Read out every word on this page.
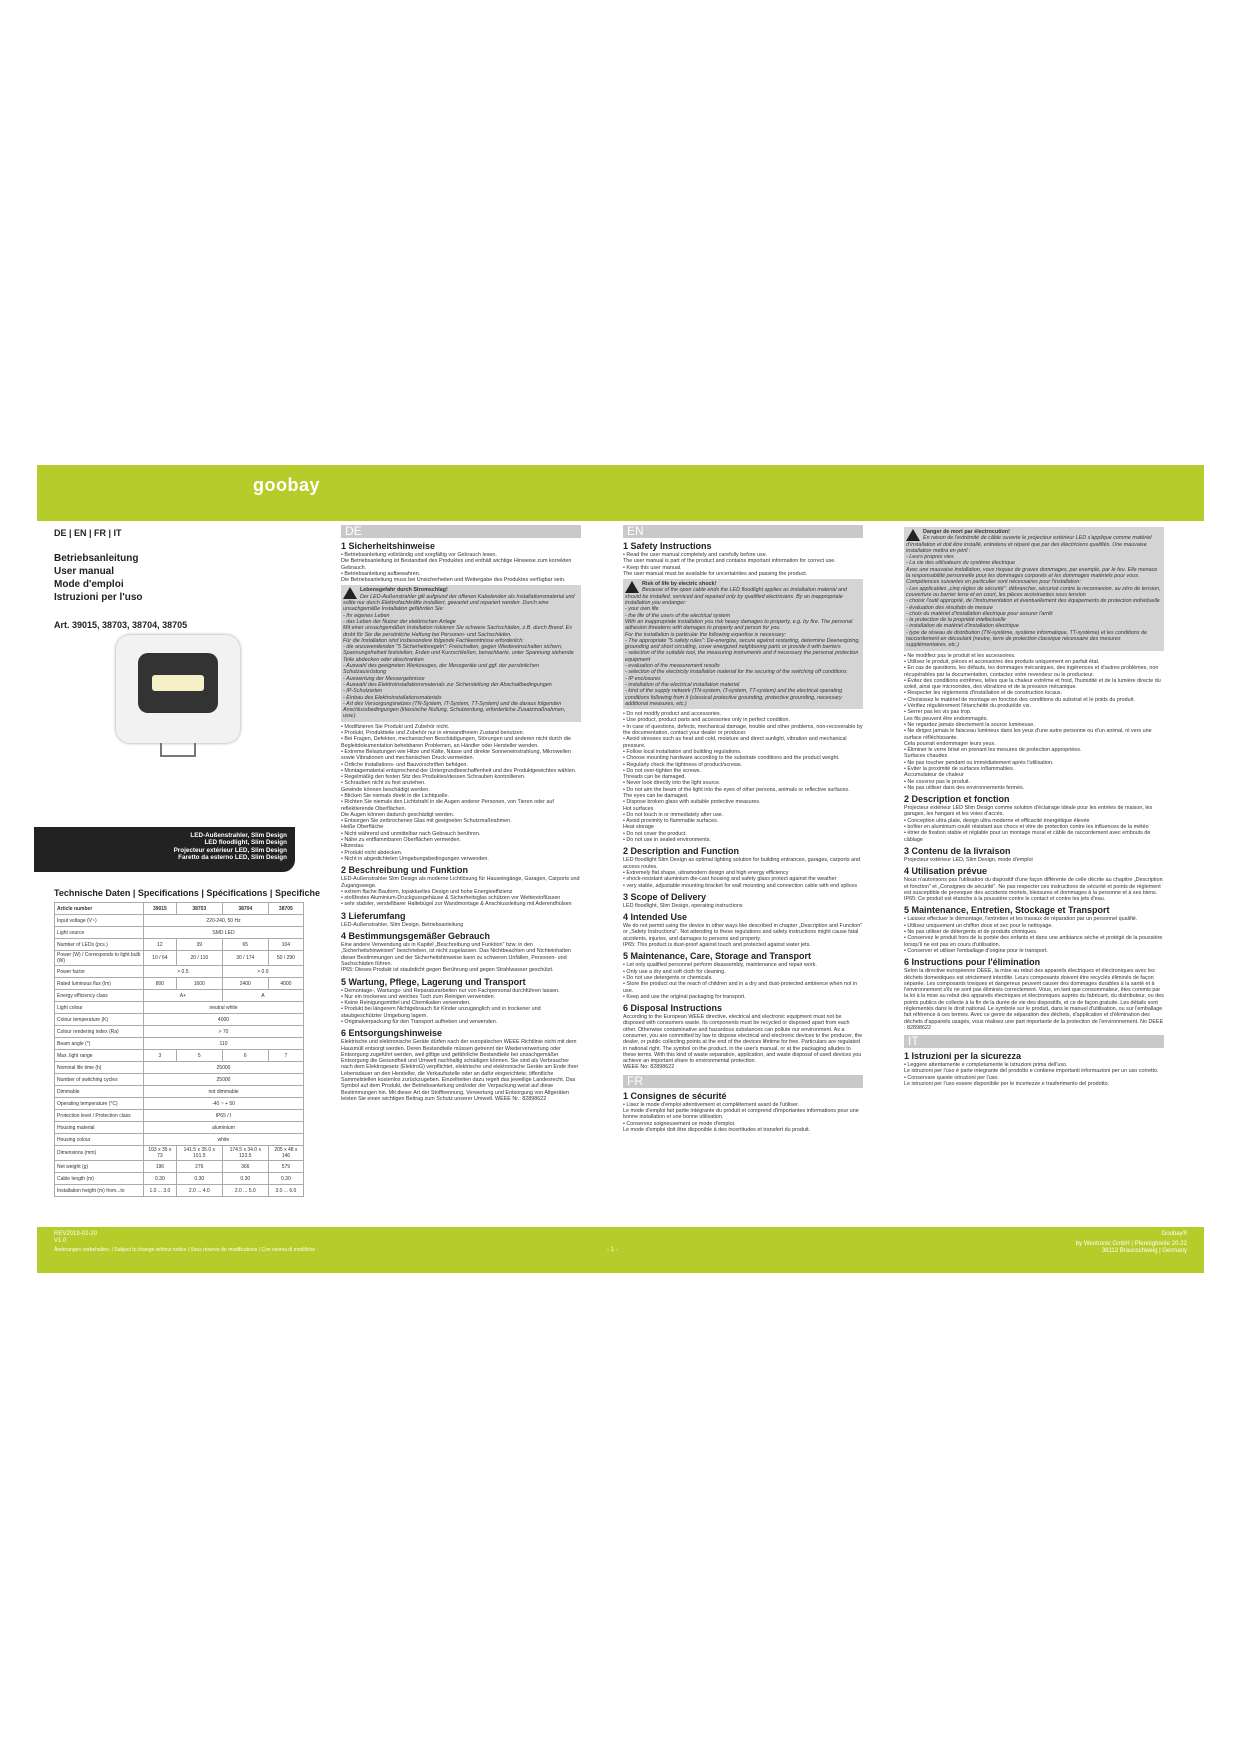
goobay
DE | EN | FR | IT
Betriebsanleitung
User manual
Mode d'emploi
Istruzioni per l'uso
Art. 39015, 38703, 38704, 38705
LED-Außenstrahler, Slim Design
LED floodlight, Slim Design
Projecteur extérieur LED, Slim Design
Faretto da esterno LED, Slim Design
Technische Daten | Specifications | Spécifications | Specifiche
Article number	39015	38703	38704	38705
Input voltage (V~)	220-240, 50 Hz			
Light source	SMD LED			
Number of LEDs (pcs.)	12	39	65	104
Power (W) / Corresponds to light bulb (W)	10 / 64	20 / 116	30 / 174	50 / 290
Power factor	> 0.5		> 0.9	
Rated luminous flux (lm)	800	1600	2400	4000
Energy efficiency class	A+		A	
Light colour	neutral white			
Colour temperature (K)	4000			
Colour rendering index (Ra)	> 70			
Beam angle (°)	110			
Max. light range	3	5	6	7
Nominal life time (h)	25000			
Number of switching cycles	25000			
Dimmable	not dimmable			
Operating temperature (°C)	-40 ~ + 50			
Protection level / Protection class	IP65 / I			
Housing material	aluminium			
Housing colour	white			
Dimensions (mm)	103 x 35 x 73	141.5 x 35.0 x 101.5	174.5 x 34.0 x 123.5	205 x 48 x 146
Net weight (g)	196	276	366	579
Cable length (m)	0.30	0.30	0.30	0.30
Installation height (m) from...to	1.0 ... 3.0	2.0 ... 4.0	2.0 ... 5.0	3.0 ... 6.0
DE
1 Sicherheitshinweise

• Betriebsanleitung vollständig und sorgfältig vor Gebrauch lesen.

Die Betriebsanleitung ist Bestandteil des Produktes und enthält wichtige Hinweise zum korrekten Gebrauch.

• Betriebsanleitung aufbewahren.

Die Betriebsanleitung muss bei Unsicherheiten und Weitergabe des Produktes verfügbar sein.

Lebensgefahr durch Stromschlag!

Der LED-Außenstrahler gilt aufgrund der offenen Kabelenden als Installationsmaterial und sollte nur durch Elektrofachkräfte installiert, gewartet und repariert werden. Durch eine unsachgemäße Installation gefährden Sie:

- Ihr eigenes Leben

- das Leben der Nutzer der elektrischen Anlage

Mit einer unsachgemäßen Installation riskieren Sie schwere Sachschäden, z.B. durch Brand. Es droht für Sie die persönliche Haftung bei Personen- und Sachschäden.

Für die Installation sind insbesondere folgende Fachkenntnisse erforderlich:

- die anzuwendenden "5 Sicherheitsregeln": Freischalten, gegen Wiedereinschalten sichern, Spannungsfreiheit feststellen, Erden und Kurzschließen, benachbarte, unter Spannung stehende Teile abdecken oder abschranken

- Auswahl des geeigneten Werkzeuges, der Messgeräte und ggf. der persönlichen Schutzausrüstung

- Auswertung der Messergebnisse

- Auswahl des Elektroinstallationsmaterials zur Sicherstellung der Abschaltbedingungen

- IP-Schutzarten

- Einbau des Elektroinstallationsmaterials

- Art des Versorgungsnetzes (TN-System, IT-System, TT-System) und die daraus folgenden Anschlussbedingungen (klassische Nullung, Schutzerdung, erforderliche Zusatzmaßnahmen, usw.)

• Modifizieren Sie Produkt und Zubehör nicht.

• Produkt, Produktteile und Zubehör nur in einwandfreiem Zustand benutzen.

• Bei Fragen, Defekten, mechanischen Beschädigungen, Störungen und anderen nicht durch die Begleitdokumentation behebbaren Problemen, an Händler oder Hersteller wenden.

• Extreme Belastungen wie Hitze und Kälte, Nässe und direkte Sonneneinstrahlung, Mikrowellen sowie Vibrationen und mechanischen Druck vermeiden.

• Örtliche Installations- und Bauvorschriften befolgen.

• Montagematerial entsprechend der Untergrundbeschaffenheit und des Produktgewichtes wählen.

• Regelmäßig den festen Sitz des Produktes/dessen Schrauben kontrollieren.

• Schrauben nicht zu fest anziehen.

Gewinde können beschädigt werden.

• Blicken Sie niemals direkt in die Lichtquelle.

• Richten Sie niemals den Lichtstrahl in die Augen anderer Personen, von Tieren oder auf reflektierende Oberflächen.

Die Augen können dadurch geschädigt werden.

• Entsorgen Sie zerbrochenes Glas mit geeigneten Schutzmaßnahmen.

Heiße Oberfläche

• Nicht während und unmittelbar nach Gebrauch berühren.

• Nähe zu entflammbaren Oberflächen vermeiden.

Hitzestau

• Produkt nicht abdecken.

• Nicht in abgedichteten Umgebungsbedingungen verwenden.

2 Beschreibung und Funktion

LED-Außenstrahler Slim Design als moderne Lichtlösung für Hauseingänge, Garagen, Carports und Zugangswege.

• extrem flache Bauform, topaktuelles Design und hohe Energieeffizienz

• stoßfestes Aluminium-Druckgussgehäuse & Sicherheitsglas schützen vor Wettereinflüssen

• sehr stabiler, verstellbarer Haltebügel zur Wandmontage & Anschlussleitung mit Aderendhülsen

3 Lieferumfang

LED-Außenstrahler, Slim Design, Betriebsanleitung

4 Bestimmungsgemäßer Gebrauch

Eine andere Verwendung als in Kapitel „Beschreibung und Funktion" bzw. in den „Sicherheitshinweisen" beschrieben, ist nicht zugelassen. Das Nichtbeachten und Nichteinhalten dieser Bestimmungen und der Sicherheitshinweise kann zu schweren Unfällen, Personen- und Sachschäden führen.

IP65: Dieses Produkt ist staubdicht gegen Berührung und gegen Strahlwasser geschützt.

5 Wartung, Pflege, Lagerung und Transport

• Demontage-, Wartungs- und Reparaturarbeiten nur von Fachpersonal durchführen lassen.

• Nur ein trockenes und weiches Tuch zum Reinigen verwenden.

• Keine Reinigungsmittel und Chemikalien verwenden.

• Produkt bei längerem Nichtgebrauch für Kinder unzugänglich und in trockener und staubgeschützter Umgebung lagern.

• Originalverpackung für den Transport aufheben und verwenden.

6 Entsorgungshinweise

Elektrische und elektronische Geräte dürfen nach der europäischen WEEE Richtlinie nicht mit dem Hausmüll entsorgt werden. Deren Bestandteile müssen getrennt der Wiederverwertung oder Entsorgung zugeführt werden, weil giftige und gefährliche Bestandteile bei unsachgemäßer Entsorgung die Gesundheit und Umwelt nachhaltig schädigen können. Sie sind als Verbraucher nach dem Elektrogesetz (ElektroG) verpflichtet, elektrische und elektronische Geräte am Ende ihrer Lebensdauer an den Hersteller, die Verkaufsstelle oder an dafür eingerichtete, öffentliche Sammelstellen kostenlos zurückzugeben. Einzelheiten dazu regelt das jeweilige Landesrecht. Das Symbol auf dem Produkt, der Betriebsanleitung und/oder der Verpackung weist auf diese Bestimmungen hin. Mit dieser Art der Stofftrennung, Verwertung und Entsorgung von Altgeräten leisten Sie einen wichtigen Beitrag zum Schutz unserer Umwelt. WEEE Nr.: 82898622

EN
1 Safety Instructions

• Read the user manual completely and carefully before use.

The user manual is part of the product and contains important information for correct use.

• Keep this user manual.

The user manual must be available for uncertainties and passing the product.

Risk of life by electric shock!

Because of the open cable ends the LED floodlight applies as installation material and should be installed, serviced and repaired only by qualified electricians. By an inappropriate installation you endanger:

- your own life

- the life of the users of the electrical system

With an inappropriate installation you risk heavy damages to property, e.g. by fire. The personal adhesion threatens with damages to property and person for you.

For the installation is particular the following expertise is necessary:

- The appropriate "5 safety rules": De-energize, secure against restarting, determine Deenergizing, grounding and short circuiting, cover energized neighboring parts or provide it with barriers

- selection of the suitable tool, the measuring instruments and if necessary the personal protection equipment

- evaluation of the measurement results

- selection of the electricity installation material for the securing of the switching off conditions

- IP enclosures

- installation of the electrical installation material

- kind of the supply network (TN-system, IT-system, TT-system) and the electrical operating conditions following from it (classical protective grounding, protective grounding, necessary additional measures, etc.)

• Do not modify product and accessories.

• Use product, product parts and accessories only in perfect condition.

• In case of questions, defects, mechanical damage, trouble and other problems, non-recoverable by the documentation, contact your dealer or producer.

• Avoid stresses such as heat and cold, moisture and direct sunlight, vibration and mechanical pressure.

• Follow local installation and building regulations.

• Choose mounting hardware according to the substrate conditions and the product weight.

• Regularly check the tightness of product/screws.

• Do not over-tighten the screws.

Threads can be damaged.

• Never look directly into the light source.

• Do not aim the beam of the light into the eyes of other persons, animals or reflective surfaces.

The eyes can be damaged.

• Dispose broken glass with suitable protective measures.

Hot surfaces

• Do not touch in or immediately after use.

• Avoid proximity to flammable surfaces.

Heat storage

• Do not cover the product.

• Do not use in sealed environments.

2 Description and Function

LED floodlight Slim Design as optimal lighting solution for building entrances, garages, carports and access routes.

• Extremely flat shape, ultramodern design and high energy efficiency

• shock-resistant aluminium die-cast housing and safety glass protect against the weather

• very stable, adjustable mounting bracket for wall mounting and connection cable with end splices

3 Scope of Delivery

LED floodlight, Slim Design, operating instructions

4 Intended Use

We do not permit using the device in other ways like described in chapter „Description and Function" or „Safety Instructions". Not attending to these regulations and safety instructions might cause fatal accidents, injuries, and damages to persons and property.

IP65: This product is dust-proof against touch and protected against water jets.

5 Maintenance, Care, Storage and Transport

• Let only qualified personnel perform disassembly, maintenance and repair work.

• Only use a dry and soft cloth for cleaning.

• Do not use detergents or chemicals.

• Store the product out the reach of children and in a dry and dust-protected ambience when not in use.

• Keep and use the original packaging for transport.

6 Disposal Instructions

According to the European WEEE directive, electrical and electronic equipment must not be disposed with consumers waste. Its components must be recycled or disposed apart from each other. Otherwise contaminative and hazardous substances can pollute our environment. As a consumer, you are committed by law to dispose electrical and electronic devices to the producer, the dealer, or public collecting points at the end of the devices lifetime for free. Particulars are regulated in national right. The symbol on the product, in the user's manual, or at the packaging alludes to these terms. With this kind of waste separation, application, and waste disposal of used devices you achieve an important share to environmental protection.

WEEE No: 82898622

FR
1 Consignes de sécurité

• Lisez le mode d'emploi attentivement et complètement avant de l'utiliser.

Le mode d'emploi fait partie intégrante du produit et comprend d'importantes informations pour une bonne installation et une bonne utilisation.

• Conservez soigneusement ce mode d'emploi.

Le mode d'emploi doit être disponible à des incertitudes et transfert du produit.

Danger de mort par électrocution!

En raison de l'extrémité de câble ouverte le projecteur extérieur LED s'applique comme matériel d'installation et doit être installé, entretenu et réparé que par des électriciens qualifiés. Une mauvaise installation mettra en péril :

- Leurs propres vies

- La vie des utilisateurs du système électrique

Avec une mauvaise installation, vous risquez de graves dommages, par exemple, par le feu. Elle menace la responsabilité personnelle pour les dommages corporels et les dommages matériels pour vous.

Compétences suivantes en particulier sont nécessaires pour l'installation:

- Les applicables „cinq règles de sécurité": débrancher, sécurisé contre la reconnexion, au zéro de tension, couverture ou barrier terre et en court, les pièces avoisinantes sous tension

- choisir l'outil approprié, de l'instrumentation et éventuellement des équipements de protection individuelle

- évaluation des résultats de mesure

- choix du matériel d'installation électrique pour assurer l'arrêt

- la protection de la propriété intellectuelle

- installation de matériel d'installation électrique

- type de réseau de distribution (TN-système, système informatique, TT-système) et les conditions de raccordement en découlant (neutre, terre de protection classique nécessaire des mesures supplémentaires, etc.)

• Ne modifiez pas le produit et les accessoires.

• Utilisez le produit, pièces et accessoires des produits uniquement en parfait état.

• En cas de questions, les défauts, les dommages mécaniques, des ingérences et d'autres problèmes, non récupérables par la documentation, contactez votre revendeur ou le producteur.

• Évitez des conditions extrêmes, telles que la chaleur extrême et froid, l'humidité et de la lumière directe du soleil, ainsi que microondes, des vibrations et de la pression mécanique.

• Respecter les règlements d'installation et de construction locaux.

• Choisissez le matériel de montage en fonction des conditions du substrat et le poids du produit.

• Vérifiez régulièrement l'étanchéité du produit/de vis.

• Serrer pas les vis pas trop.

Les fils peuvent être endommagés.

• Ne regardez jamais directement la source lumineuse.

• Ne dirigez jamais le faisceau lumineux dans les yeux d'une autre personne ou d'un animal, ni vers une surface réfléchissante.

Cela pourrait endommager leurs yeux.

• Éliminer le verre brisé en prenant les mesures de protection appropriées.

Surfaces chaudes

• Ne pas toucher pendant ou immédiatement après l'utilisation.

• Éviter la proximité de surfaces inflammables.

Accumulateur de chaleur

• Ne couvrez pas le produit.

• Ne pas utiliser dans des environnements fermés.

2 Description et fonction

Projecteur extérieur LED Slim Design comme solution d'éclairage idéale pour les entrées de maison, les garages, les hangars et les voies d'accès.

• Conception ultra plate, design ultra moderne et efficacité énergétique élevée

• boîtier en aluminium coulé résistant aux chocs et vitre de protection contre les influences de la météo

• étrier de fixation stable et réglable pour un montage mural et câble de raccordement avec embouts de câblage

3 Contenu de la livraison

Projecteur extérieur LED, Slim Design, mode d'emploi

4 Utilisation prévue

Nous n'autorisons pas l'utilisation du dispositif d'une façon différente de celle décrite au chapitre „Description et fonction" et „Consignes de sécurité". Ne pas respecter ces instructions de sécurité et points de règlement est susceptible de provoquer des accidents mortels, blessures et dommages à la personne et à ses biens.

IP65: Ce produit est étanche à la poussière contre le contact et contre les jets d'eau.

5 Maintenance, Entretien, Stockage et Transport

• Laissez effectuer le démontage, l'entretien et les travaux de réparation par un personnel qualifié.

• Utilisez uniquement un chiffon doux et sec pour le nettoyage.

• Ne pas utiliser de détergents et de produits chimiques.

• Conservez le produit hors de la portée des enfants et dans une ambiance sèche et protégé de la poussière lorsqu'il ne est pas en cours d'utilisation.

• Conserver et utiliser l'emballage d'origine pour le transport.

6 Instructions pour l'élimination

Selon la directive européenne DEEE, la mise au rebut des appareils électriques et électroniques avec les déchets domestiques est strictement interdite. Leurs composants doivent être recyclés éliminés de façon séparée. Les composants toxiques et dangereux peuvent causer des dommages durables à la santé et à l'environnement s'ils ne sont pas éliminés correctement. Vous, en tant que consommateur, êtes commis par la loi à la mise au rebut des appareils électriques et électroniques auprès du fabricant, du distributeur, ou des points publics de collecte à la fin de la durée de vie des dispositifs, et ce de façon gratuite. Les détails sont réglementés dans le droit national. Le symbole sur le produit, dans le manuel d'utilisation, ou sur l'emballage fait référence à ces termes. Avec ce genre de séparation des déchets, d'application et d'élimination des déchets d'appareils usagés, vous réalisez une part importante de la protection de l'environnement. No DEEE : 82898622

IT
1 Istruzioni per la sicurezza

• Leggere attentamente e completamente le istruzioni prima dell'uso.

Le istruzioni per l'uso è parte integrante del prodotto e contiene importanti informazioni per un uso corretto.

• Conservare queste istruzioni per l'uso.

Le istruzioni per l'uso essere disponibile per le incertezze e trasferimento del prodotto.

REV2019-02-20
V1.0
Änderungen vorbehalten. | Subject to change without notice | Sous réserve de modifications | Con riserva di modifiche	- 1 -
Goobay®
by Wentronic GmbH | Pfennigbreite 20-22
38112 Braunschweig | Germany
